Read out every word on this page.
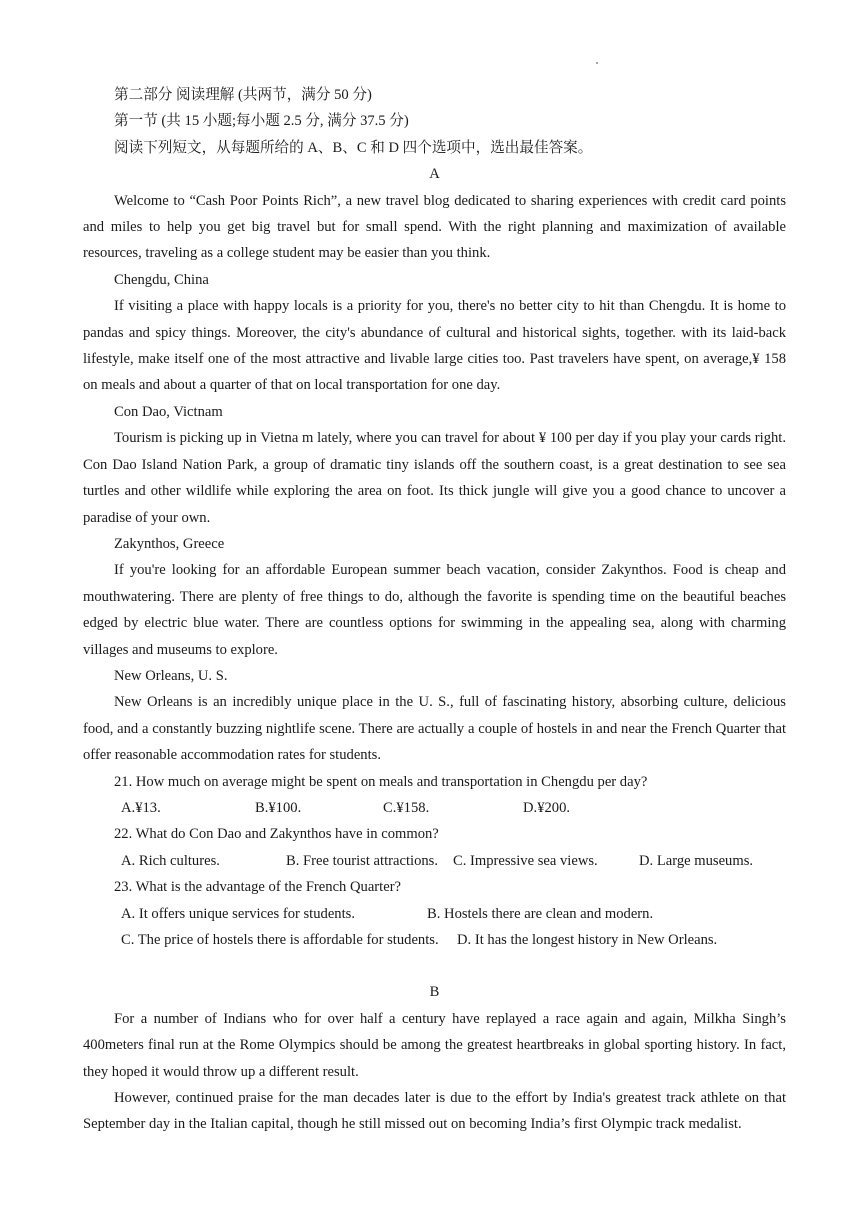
第二部分 阅读理解 (共两节，满分 50 分)
第一节 (共 15 小题;每小题 2.5 分, 满分 37.5 分)
阅读下列短文，从每题所给的 A、B、C 和 D 四个选项中，选出最佳答案。
A

Welcome to “Cash Poor Points Rich”, a new travel blog dedicated to sharing experiences with credit card points and miles to help you get big travel but for small spend. With the right planning and maximization of available resources, traveling as a college student may be easier than you think.

Chengdu, China

If visiting a place with happy locals is a priority for you, there's no better city to hit than Chengdu. It is home to pandas and spicy things. Moreover, the city's abundance of cultural and historical sights, together. with its laid-back lifestyle, make itself one of the most attractive and livable large cities too. Past travelers have spent, on average,¥ 158 on meals and about a quarter of that on local transportation for one day.

Con Dao, Victnam

Tourism is picking up in Vietna m lately, where you can travel for about ¥ 100 per day if you play your cards right. Con Dao Island Nation Park, a group of dramatic tiny islands off the southern coast, is a great destination to see sea turtles and other wildlife while exploring the area on foot. Its thick jungle will give you a good chance to uncover a paradise of your own.

Zakynthos, Greece

If you're looking for an affordable European summer beach vacation, consider Zakynthos. Food is cheap and mouthwatering. There are plenty of free things to do, although the favorite is spending time on the beautiful beaches edged by electric blue water. There are countless options for swimming in the appealing sea, along with charming villages and museums to explore.

New Orleans, U. S.

New Orleans is an incredibly unique place in the U. S., full of fascinating history, absorbing culture, delicious food, and a constantly buzzing nightlife scene. There are actually a couple of hostels in and near the French Quarter that offer reasonable accommodation rates for students.

21. How much on average might be spent on meals and transportation in Chengdu per day?
A.¥13.	B.¥100.	C.¥158.	D.¥200.
22. What do Con Dao and Zakynthos have in common?
A. Rich cultures.	B. Free tourist attractions.	C. Impressive sea views.	D. Large museums.
23. What is the advantage of the French Quarter?
A. It offers unique services for students.	B. Hostels there are clean and modern.
C. The price of hostels there is affordable for students.	D. It has the longest history in New Orleans.
B

For a number of Indians who for over half a century have replayed a race again and again, Milkha Singh’s 400meters final run at the Rome Olympics should be among the greatest heartbreaks in global sporting history. In fact, they hoped it would throw up a different result.

However, continued praise for the man decades later is due to the effort by India's greatest track athlete on that September day in the Italian capital, though he still missed out on becoming India’s first Olympic track medalist.
